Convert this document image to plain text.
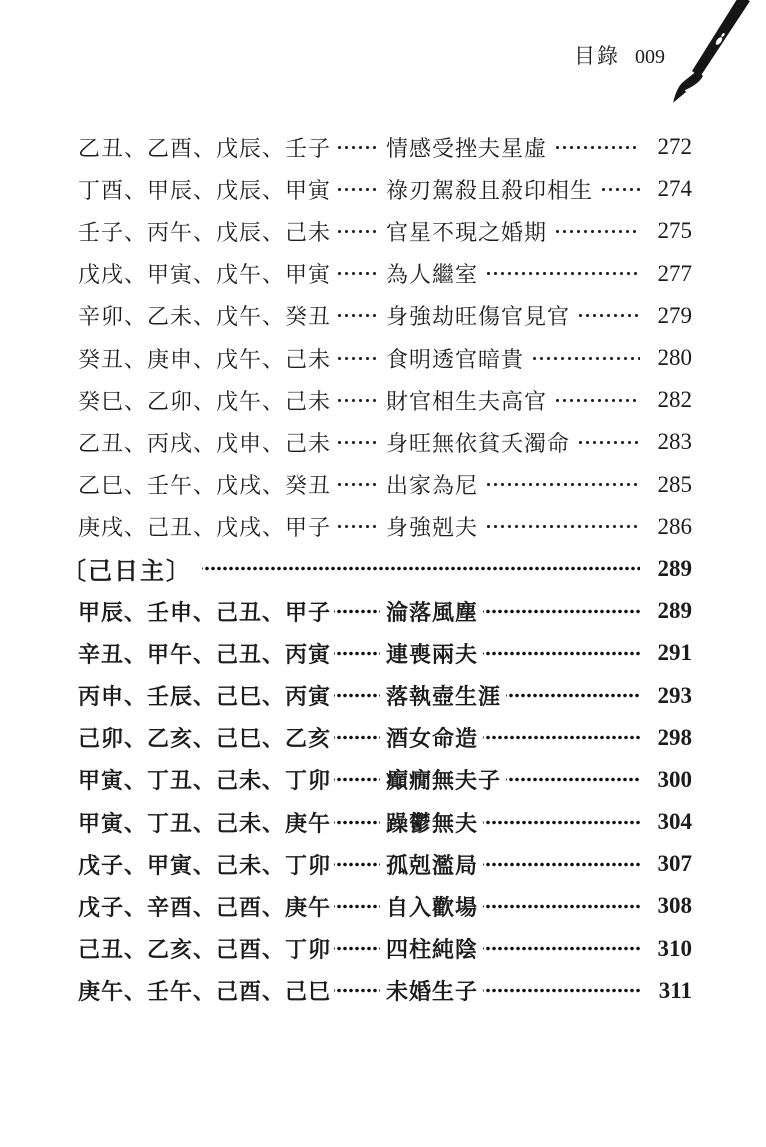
目錄 009
乙丑、乙酉、戊辰、壬子	情感受挫夫星虛	272
丁酉、甲辰、戊辰、甲寅	祿刃駕殺且殺印相生	274
壬子、丙午、戊辰、己未	官星不現之婚期	275
戊戌、甲寅、戊午、甲寅	為人繼室	277
辛卯、乙未、戊午、癸丑	身強劫旺傷官見官	279
癸丑、庚申、戊午、己未	食明透官暗貴	280
癸巳、乙卯、戊午、己未	財官相生夫高官	282
乙丑、丙戌、戊申、己未	身旺無依貧夭濁命	283
乙巳、壬午、戊戌、癸丑	出家為尼	285
庚戌、己丑、戊戌、甲子	身強剋夫	286
〔己日主〕	289
甲辰、壬申、己丑、甲子	淪落風塵	289
辛丑、甲午、己丑、丙寅	連喪兩夫	291
丙申、壬辰、己巳、丙寅	落執壺生涯	293
己卯、乙亥、己巳、乙亥	酒女命造	298
甲寅、丁丑、己未、丁卯	癲癇無夫子	300
甲寅、丁丑、己未、庚午	躁鬱無夫	304
戊子、甲寅、己未、丁卯	孤剋濫局	307
戊子、辛酉、己酉、庚午	自入歡場	308
己丑、乙亥、己酉、丁卯	四柱純陰	310
庚午、壬午、己酉、己巳	未婚生子	311
